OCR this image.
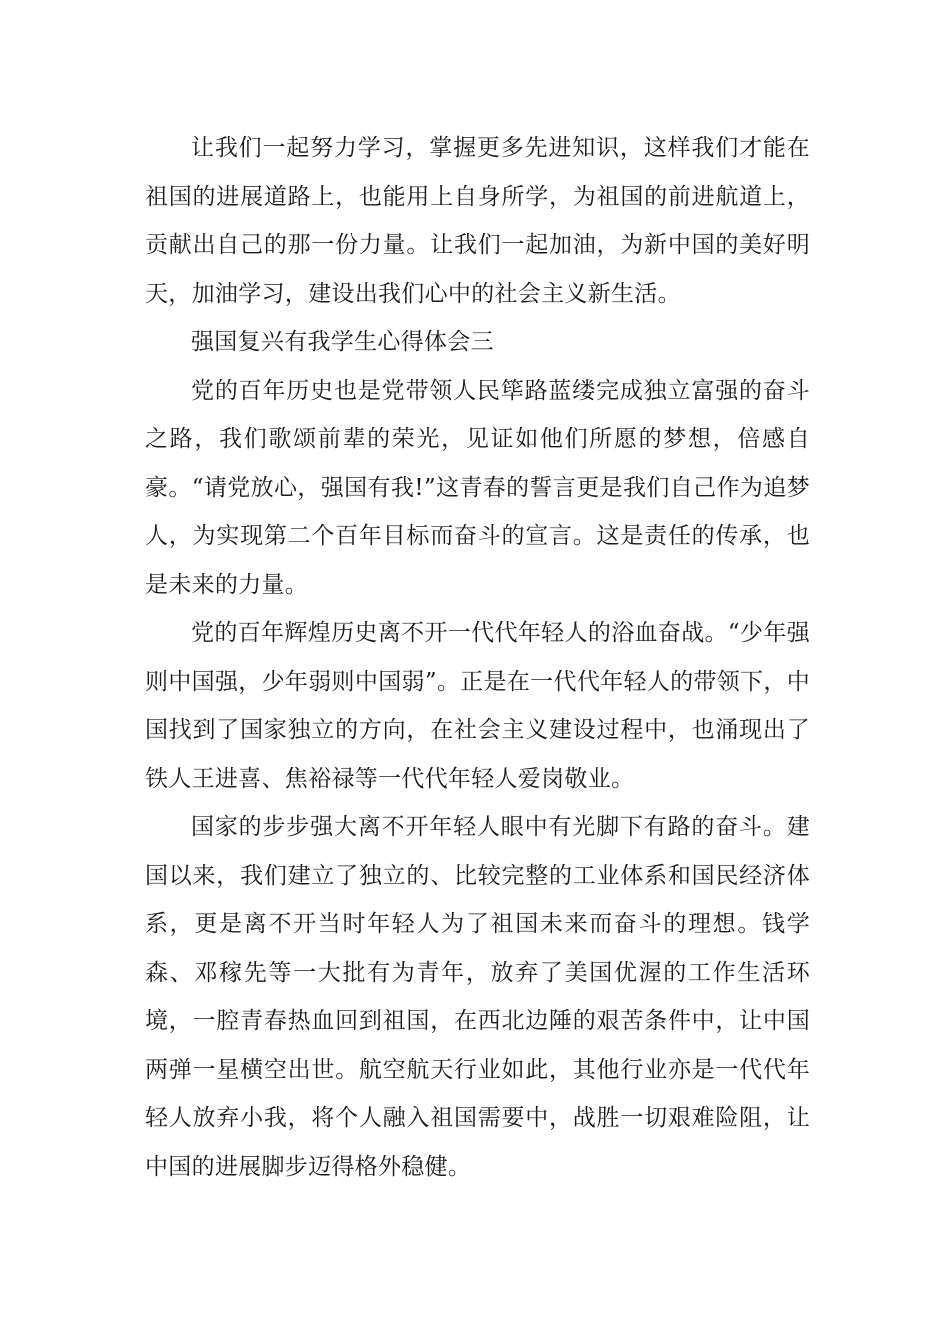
让我们一起努力学习，掌握更多先进知识，这样我们才能在祖国的进展道路上，也能用上自身所学，为祖国的前进航道上，贡献出自己的那一份力量。让我们一起加油，为新中国的美好明天，加油学习，建设出我们心中的社会主义新生活。

强国复兴有我学生心得体会三

党的百年历史也是党带领人民筚路蓝缕完成独立富强的奋斗之路，我们歌颂前辈的荣光，见证如他们所愿的梦想，倍感自豪。“请党放心，强国有我!”这青春的誓言更是我们自己作为追梦人，为实现第二个百年目标而奋斗的宣言。这是责任的传承，也是未来的力量。

党的百年辉煌历史离不开一代代年轻人的浴血奋战。“少年强则中国强，少年弱则中国弱”。正是在一代代年轻人的带领下，中国找到了国家独立的方向，在社会主义建设过程中，也涌现出了铁人王进喜、焦裕禄等一代代年轻人爱岗敬业。

国家的步步强大离不开年轻人眼中有光脚下有路的奋斗。建国以来，我们建立了独立的、比较完整的工业体系和国民经济体系，更是离不开当时年轻人为了祖国未来而奋斗的理想。钱学森、邓稼先等一大批有为青年，放弃了美国优渥的工作生活环境，一腔青春热血回到祖国，在西北边陲的艰苦条件中，让中国两弹一星横空出世。航空航天行业如此，其他行业亦是一代代年轻人放弃小我，将个人融入祖国需要中，战胜一切艰难险阻，让中国的进展脚步迈得格外稳健。
